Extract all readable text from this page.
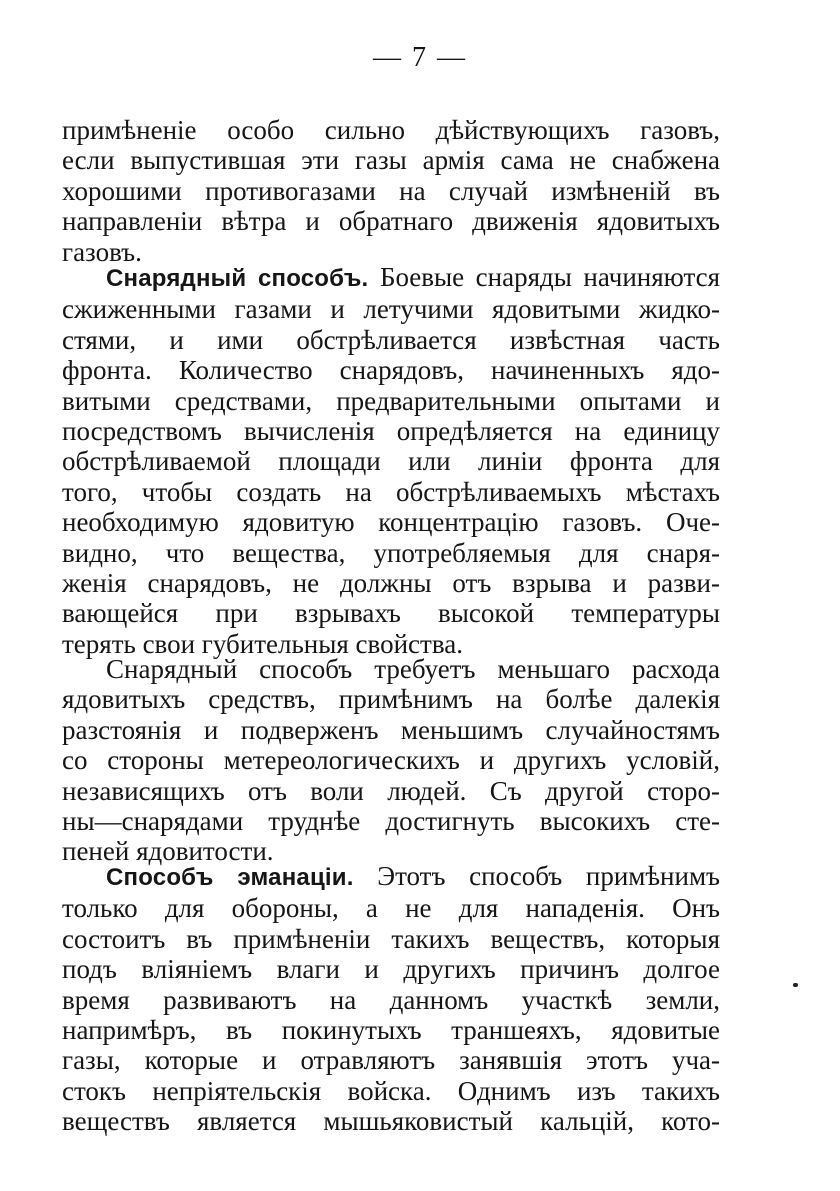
— 7 —
примѣненіе особо сильно дѣйствующихъ газовъ,
если выпустившая эти газы армія сама не снабжена
хорошими противогазами на случай измѣненій въ
направленіи вѣтра и обратнаго движенія ядовитыхъ
газовъ.
Снарядный способъ. Боевые снаряды начиняются
сжиженными газами и летучими ядовитыми жидко-
стями, и ими обстрѣливается извѣстная часть
фронта. Количество снарядовъ, начиненныхъ ядо-
витыми средствами, предварительными опытами и
посредствомъ вычисленія опредѣляется на единицу
обстрѣливаемой площади или линіи фронта для
того, чтобы создать на обстрѣливаемыхъ мѣстахъ
необходимую ядовитую концентрацію газовъ. Оче-
видно, что вещества, употребляемыя для снаря-
женія снарядовъ, не должны отъ взрыва и разви-
вающейся при взрывахъ высокой температуры
терять свои губительныя свойства.
Снарядный способъ требуетъ меньшаго расхода
ядовитыхъ средствъ, примѣнимъ на болѣе далекія
разстоянія и подверженъ меньшимъ случайностямъ
со стороны метереологическихъ и другихъ условій,
независящихъ отъ воли людей. Съ другой сторо-
ны—снарядами труднѣе достигнуть высокихъ сте-
пеней ядовитости.
Способъ эманаціи. Этотъ способъ примѣнимъ
только для обороны, а не для нападенія. Онъ
состоитъ въ примѣненіи такихъ веществъ, которыя
подъ вліяніемъ влаги и другихъ причинъ долгое
время развиваютъ на данномъ участкѣ земли,
напримѣръ, въ покинутыхъ траншеяхъ, ядовитые
газы, которые и отравляютъ занявшія этотъ уча-
стокъ непріятельскія войска. Однимъ изъ такихъ
веществъ является мышьяковистый кальцій, кото-
